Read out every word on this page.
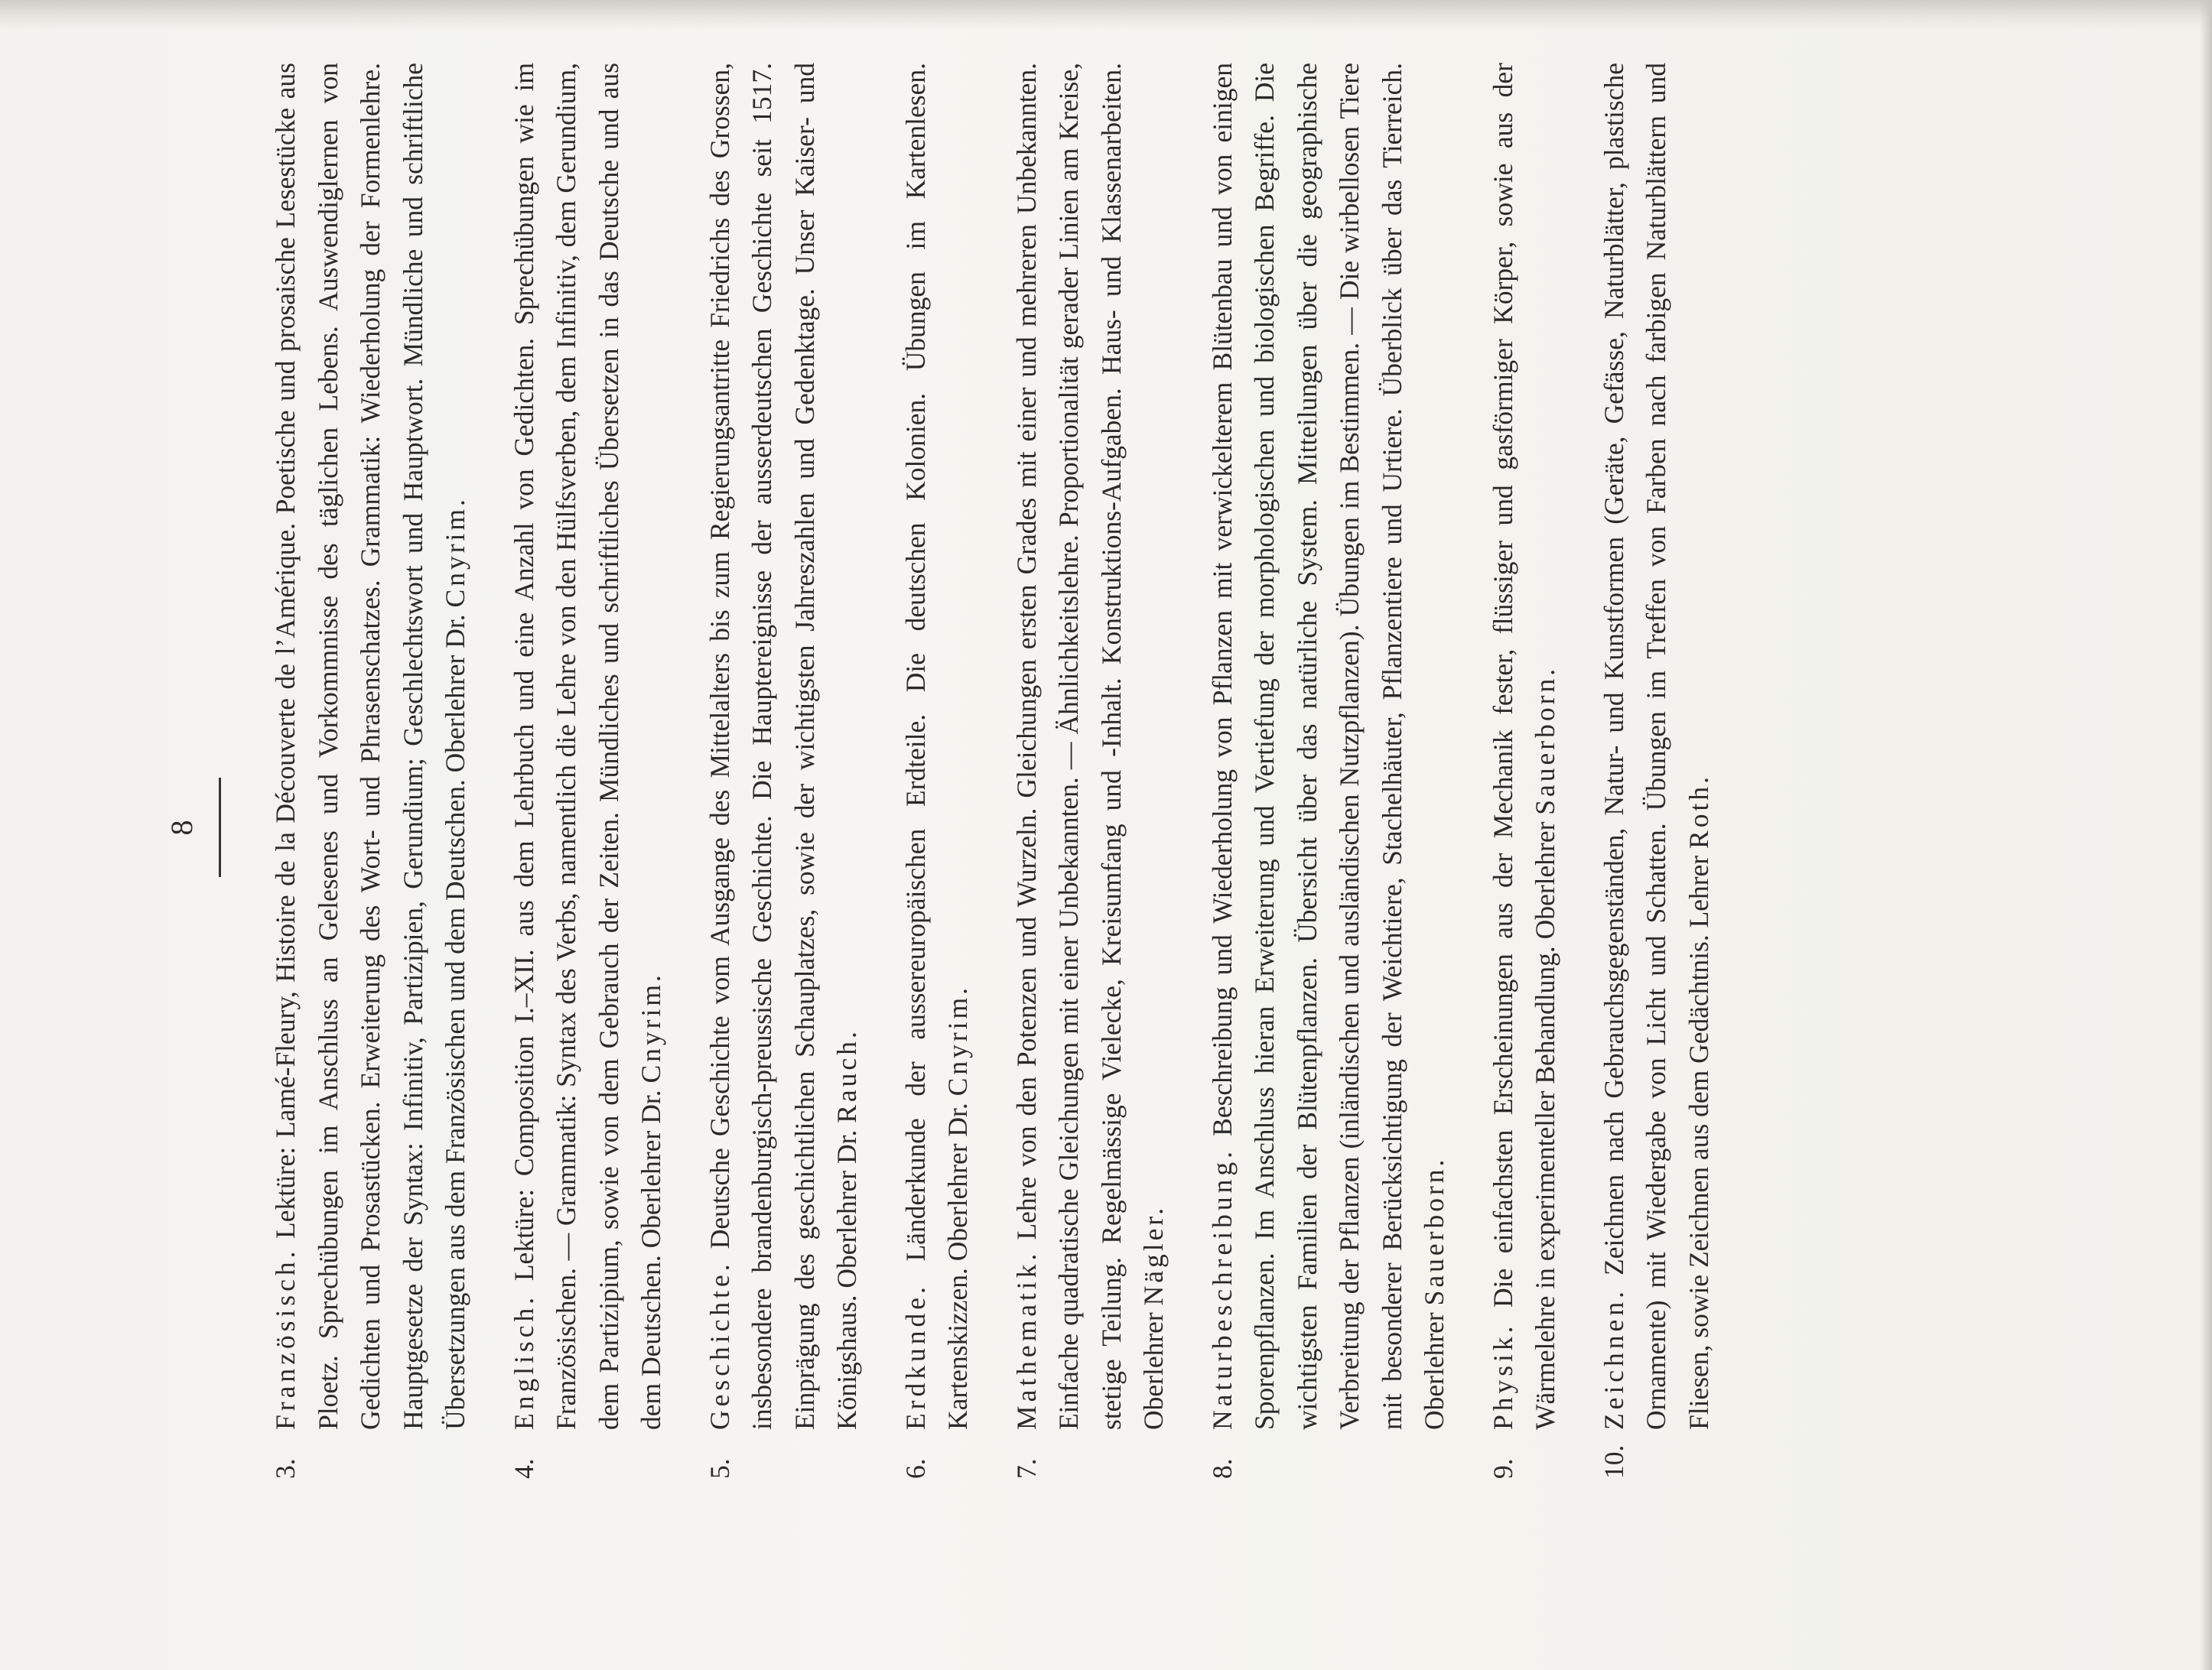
8
3.
Französisch. Lektüre: Lamé-Fleury, Histoire de la Découverte de l’Amérique. Poetische und prosaische Lesestücke aus Ploetz. Sprechübungen im Anschluss an Gelesenes und Vorkommnisse des täglichen Lebens. Auswendiglernen von Gedichten und Prosastücken. Erweiterung des Wort- und Phrasenschatzes. Grammatik: Wiederholung der Formenlehre. Hauptgesetze der Syntax: Infinitiv, Partizipien, Gerundium; Geschlechtswort und Hauptwort. Mündliche und schriftliche Übersetzungen aus dem Französischen und dem Deutschen. Oberlehrer Dr. Cnyrim.
4.
Englisch. Lektüre: Composition I.–XII. aus dem Lehrbuch und eine Anzahl von Gedichten. Sprechübungen wie im Französischen. — Grammatik: Syntax des Verbs, namentlich die Lehre von den Hülfsverben, dem Infinitiv, dem Gerundium, dem Partizipium, sowie von dem Gebrauch der Zeiten. Mündliches und schriftliches Übersetzen in das Deutsche und aus dem Deutschen. Oberlehrer Dr. Cnyrim.
5.
Geschichte. Deutsche Geschichte vom Ausgange des Mittelalters bis zum Regierungsantritte Friedrichs des Grossen, insbesondere brandenburgisch-preussische Geschichte. Die Hauptereignisse der ausserdeutschen Geschichte seit 1517. Einprägung des geschichtlichen Schauplatzes, sowie der wichtigsten Jahreszahlen und Gedenktage. Unser Kaiser- und Königshaus. Oberlehrer Dr. Rauch.
6.
Erdkunde. Länderkunde der aussereuropäischen Erdteile. Die deutschen Kolonien. Übungen im Kartenlesen. Kartenskizzen. Oberlehrer Dr. Cnyrim.
7.
Mathematik. Lehre von den Potenzen und Wurzeln. Gleichungen ersten Grades mit einer und mehreren Unbekannten. Einfache quadratische Gleichungen mit einer Unbekannten. — Ähnlichkeitslehre. Proportionalität gerader Linien am Kreise, stetige Teilung. Regelmässige Vielecke, Kreisumfang und -Inhalt. Konstruktions-Aufgaben. Haus- und Klassenarbeiten. Oberlehrer Nägler.
8.
Naturbeschreibung. Beschreibung und Wiederholung von Pflanzen mit verwickelterem Blütenbau und von einigen Sporenpflanzen. Im Anschluss hieran Erweiterung und Vertiefung der morphologischen und biologischen Begriffe. Die wichtigsten Familien der Blütenpflanzen. Übersicht über das natürliche System. Mitteilungen über die geographische Verbreitung der Pflanzen (inländischen und ausländischen Nutzpflanzen). Übungen im Bestimmen. — Die wirbellosen Tiere mit besonderer Berücksichtigung der Weichtiere, Stachelhäuter, Pflanzentiere und Urtiere. Überblick über das Tierreich. Oberlehrer Sauerborn.
9.
Physik. Die einfachsten Erscheinungen aus der Mechanik fester, flüssiger und gasförmiger Körper, sowie aus der Wärmelehre in experimenteller Behandlung. Oberlehrer Sauerborn.
10.
Zeichnen. Zeichnen nach Gebrauchsgegenständen, Natur- und Kunstformen (Geräte, Gefässe, Naturblätter, plastische Ornamente) mit Wiedergabe von Licht und Schatten. Übungen im Treffen von Farben nach farbigen Naturblättern und Fliesen, sowie Zeichnen aus dem Gedächtnis. Lehrer Roth.
